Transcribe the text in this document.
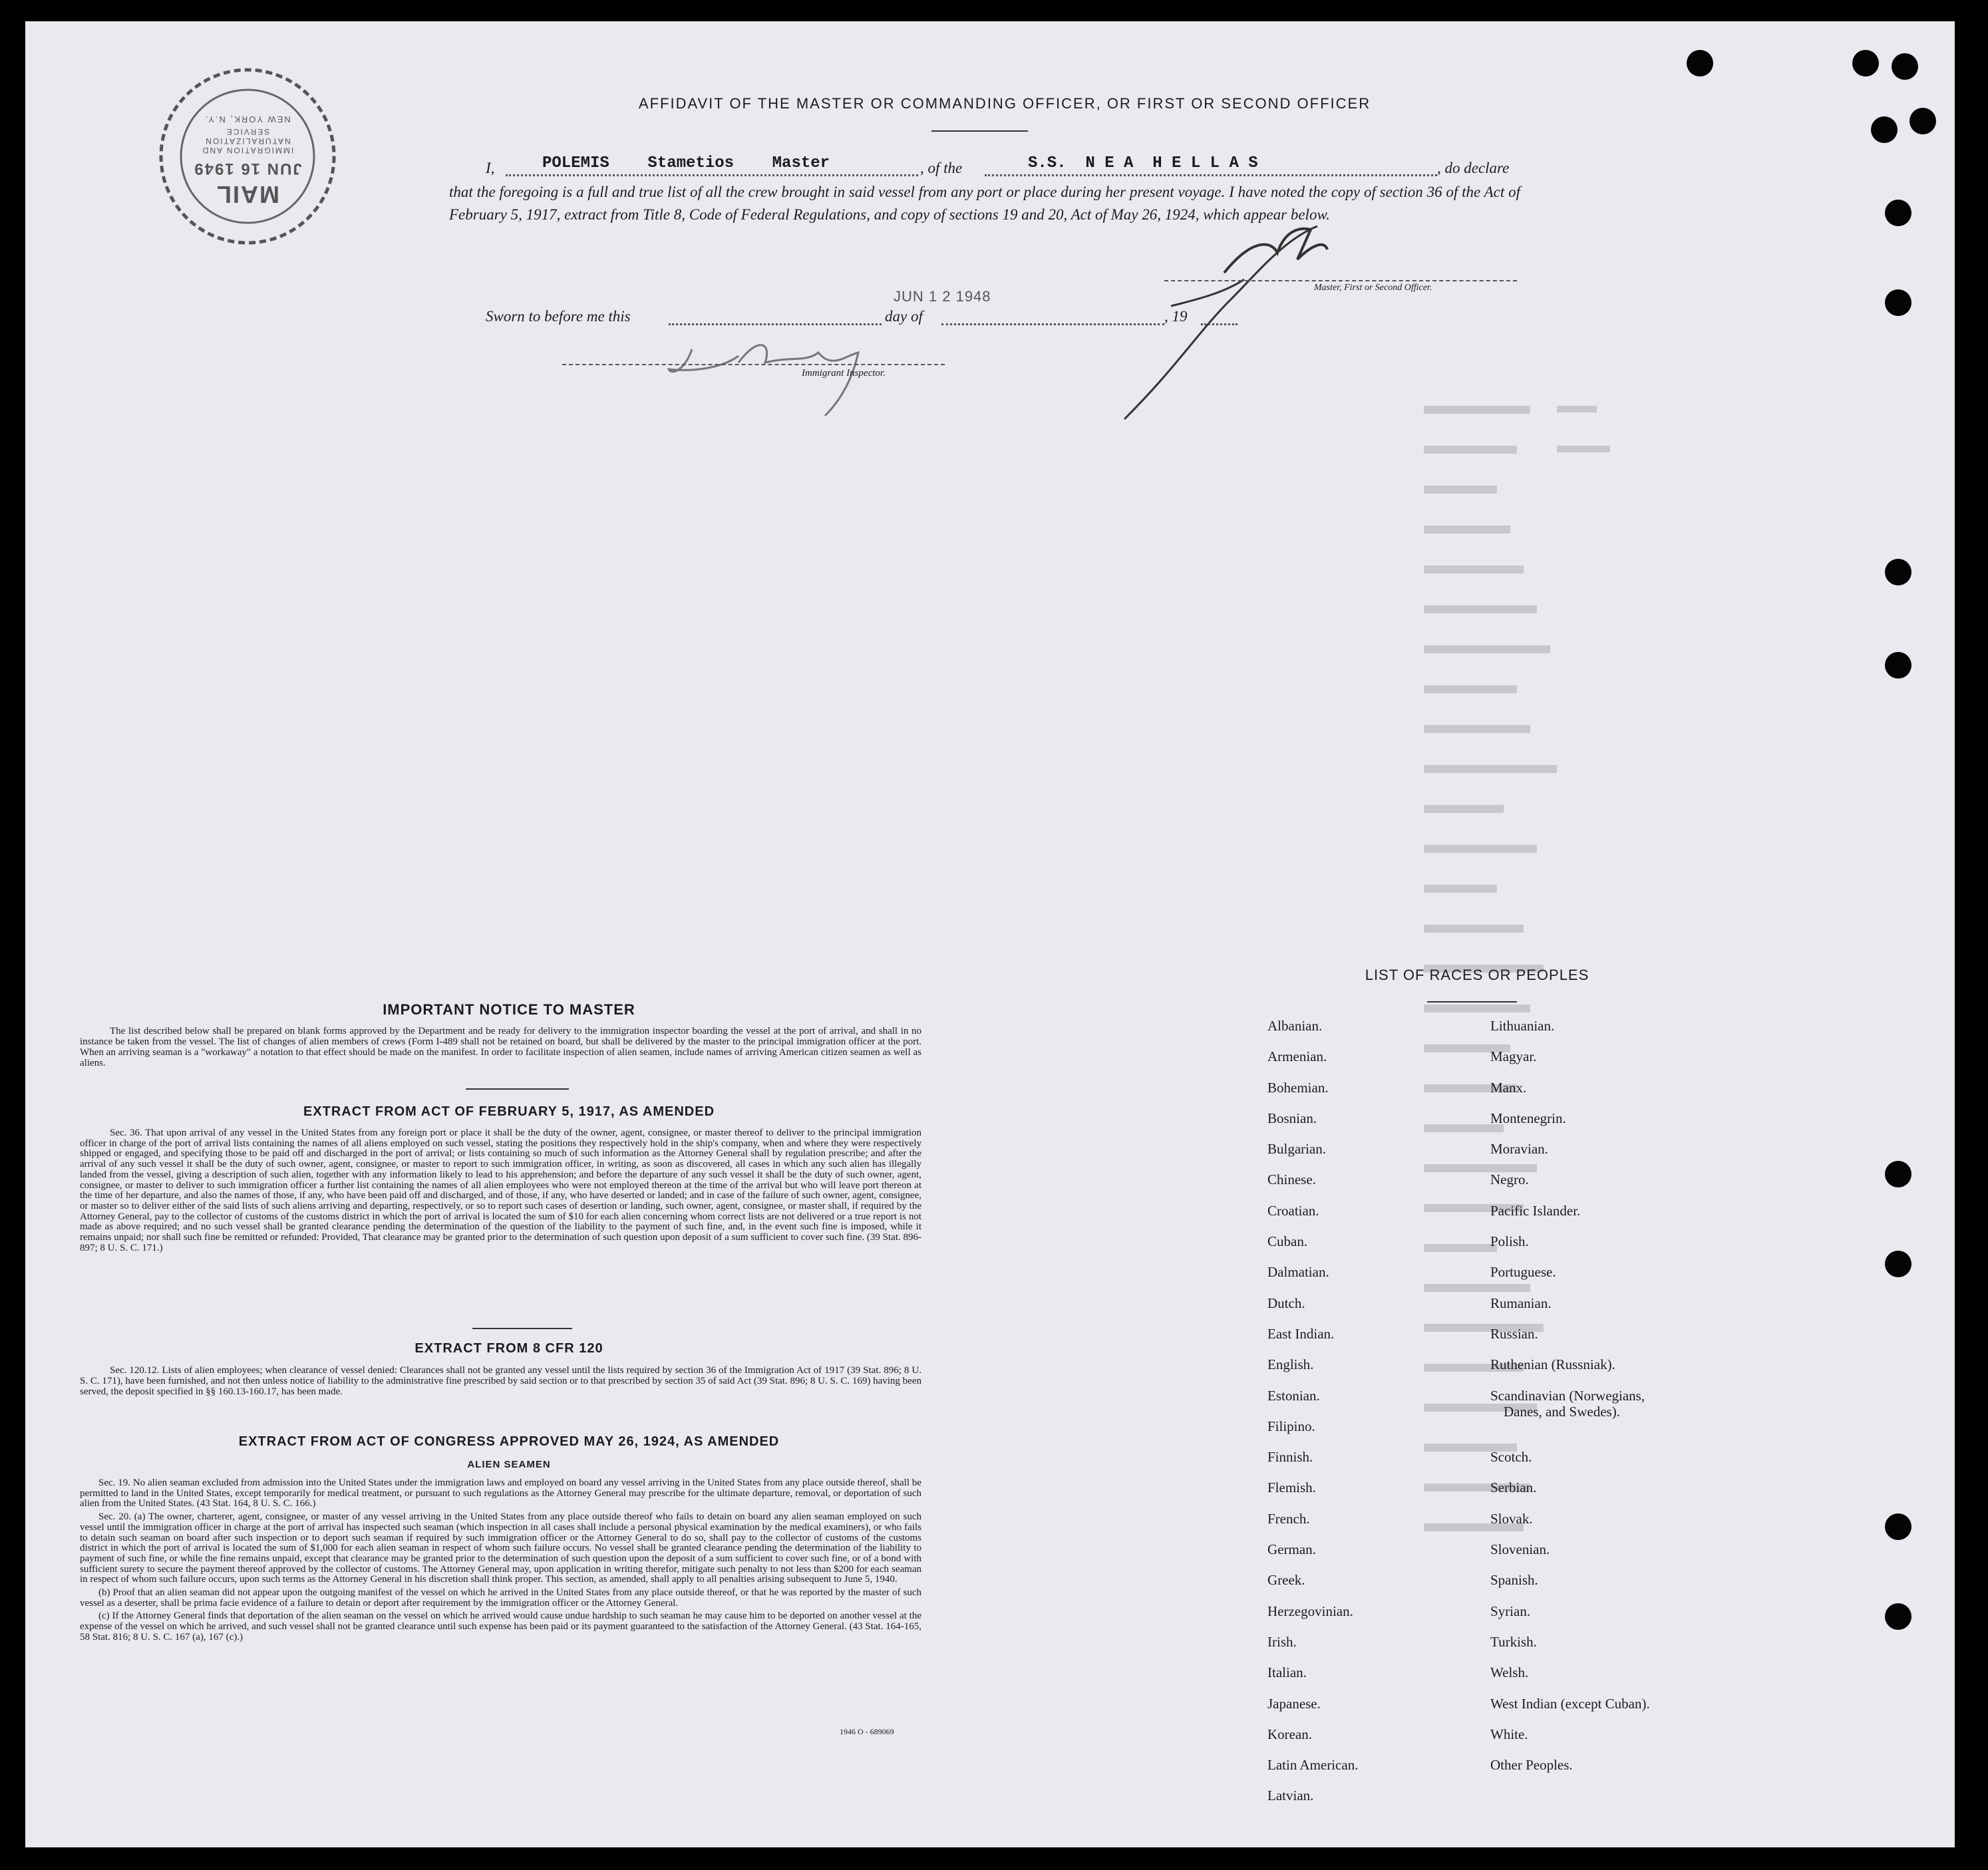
MAIL
JUN 16 1949
IMMIGRATION AND NATURALIZATION SERVICE
NEW YORK, N.Y.
AFFIDAVIT OF THE MASTER OR COMMANDING OFFICER, OR FIRST OR SECOND OFFICER
I,	POLEMIS    Stametios    Master	, of the	S.S.  N E A  H E L L A S	, do declare
that the foregoing is a full and true list of all the crew brought in said vessel from any port or place during her present voyage. I have noted the copy of section 36 of the Act of February 5, 1917, extract from Title 8, Code of Federal Regulations, and copy of sections 19 and 20, Act of May 26, 1924, which appear below.
Master, First or Second Officer.
Sworn to before me this
JUN 1 2 1948
day of	, 19
Immigrant Inspector.
IMPORTANT NOTICE TO MASTER
The list described below shall be prepared on blank forms approved by the Department and be ready for delivery to the immigration inspector boarding the vessel at the port of arrival, and shall in no instance be taken from the vessel. The list of changes of alien members of crews (Form I-489 shall not be retained on board, but shall be delivered by the master to the principal immigration officer at the port. When an arriving seaman is a "workaway" a notation to that effect should be made on the manifest. In order to facilitate inspection of alien seamen, include names of arriving American citizen seamen as well as aliens.
EXTRACT FROM ACT OF FEBRUARY 5, 1917, AS AMENDED
Sec. 36. That upon arrival of any vessel in the United States from any foreign port or place it shall be the duty of the owner, agent, consignee, or master thereof to deliver to the principal immigration officer in charge of the port of arrival lists containing the names of all aliens employed on such vessel, stating the positions they respectively hold in the ship's company, when and where they were respectively shipped or engaged, and specifying those to be paid off and discharged in the port of arrival; or lists containing so much of such information as the Attorney General shall by regulation prescribe; and after the arrival of any such vessel it shall be the duty of such owner, agent, consignee, or master to report to such immigration officer, in writing, as soon as discovered, all cases in which any such alien has illegally landed from the vessel, giving a description of such alien, together with any information likely to lead to his apprehension; and before the departure of any such vessel it shall be the duty of such owner, agent, consignee, or master to deliver to such immigration officer a further list containing the names of all alien employees who were not employed thereon at the time of the arrival but who will leave port thereon at the time of her departure, and also the names of those, if any, who have been paid off and discharged, and of those, if any, who have deserted or landed; and in case of the failure of such owner, agent, consignee, or master so to deliver either of the said lists of such aliens arriving and departing, respectively, or so to report such cases of desertion or landing, such owner, agent, consignee, or master shall, if required by the Attorney General, pay to the collector of customs of the customs district in which the port of arrival is located the sum of $10 for each alien concerning whom correct lists are not delivered or a true report is not made as above required; and no such vessel shall be granted clearance pending the determination of the question of the liability to the payment of such fine, and, in the event such fine is imposed, while it remains unpaid; nor shall such fine be remitted or refunded: Provided, That clearance may be granted prior to the determination of such question upon deposit of a sum sufficient to cover such fine. (39 Stat. 896-897; 8 U. S. C. 171.)
EXTRACT FROM 8 CFR 120
Sec. 120.12. Lists of alien employees; when clearance of vessel denied: Clearances shall not be granted any vessel until the lists required by section 36 of the Immigration Act of 1917 (39 Stat. 896; 8 U. S. C. 171), have been furnished, and not then unless notice of liability to the administrative fine prescribed by said section or to that prescribed by section 35 of said Act (39 Stat. 896; 8 U. S. C. 169) having been served, the deposit specified in §§ 160.13-160.17, has been made.
EXTRACT FROM ACT OF CONGRESS APPROVED MAY 26, 1924, AS AMENDED
ALIEN SEAMEN

Sec. 19. No alien seaman excluded from admission into the United States under the immigration laws and employed on board any vessel arriving in the United States from any place outside thereof, shall be permitted to land in the United States, except temporarily for medical treatment, or pursuant to such regulations as the Attorney General may prescribe for the ultimate departure, removal, or deportation of such alien from the United States. (43 Stat. 164, 8 U. S. C. 166.)

Sec. 20. (a) The owner, charterer, agent, consignee, or master of any vessel arriving in the United States from any place outside thereof who fails to detain on board any alien seaman employed on such vessel until the immigration officer in charge at the port of arrival has inspected such seaman (which inspection in all cases shall include a personal physical examination by the medical examiners), or who fails to detain such seaman on board after such inspection or to deport such seaman if required by such immigration officer or the Attorney General to do so, shall pay to the collector of customs of the customs district in which the port of arrival is located the sum of $1,000 for each alien seaman in respect of whom such failure occurs. No vessel shall be granted clearance pending the determination of the liability to payment of such fine, or while the fine remains unpaid, except that clearance may be granted prior to the determination of such question upon the deposit of a sum sufficient to cover such fine, or of a bond with sufficient surety to secure the payment thereof approved by the collector of customs. The Attorney General may, upon application in writing therefor, mitigate such penalty to not less than $200 for each seaman in respect of whom such failure occurs, upon such terms as the Attorney General in his discretion shall think proper. This section, as amended, shall apply to all penalties arising subsequent to June 5, 1940.

(b) Proof that an alien seaman did not appear upon the outgoing manifest of the vessel on which he arrived in the United States from any place outside thereof, or that he was reported by the master of such vessel as a deserter, shall be prima facie evidence of a failure to detain or deport after requirement by the immigration officer or the Attorney General.

(c) If the Attorney General finds that deportation of the alien seaman on the vessel on which he arrived would cause undue hardship to such seaman he may cause him to be deported on another vessel at the expense of the vessel on which he arrived, and such vessel shall not be granted clearance until such expense has been paid or its payment guaranteed to the satisfaction of the Attorney General. (43 Stat. 164-165, 58 Stat. 816; 8 U. S. C. 167 (a), 167 (c).)

1946 O - 689069
LIST OF RACES OR PEOPLES
Albanian.
Armenian.
Bohemian.
Bosnian.
Bulgarian.
Chinese.
Croatian.
Cuban.
Dalmatian.
Dutch.
East Indian.
English.
Estonian.
Filipino.
Finnish.
Flemish.
French.
German.
Greek.
Herzegovinian.
Irish.
Italian.
Japanese.
Korean.
Latin American.
Latvian.
Lithuanian.
Magyar.
Manx.
Montenegrin.
Moravian.
Negro.
Pacific Islander.
Polish.
Portuguese.
Rumanian.
Russian.
Ruthenian (Russniak).
Scandinavian (Norwegians,
Danes, and Swedes).
Scotch.
Serbian.
Slovak.
Slovenian.
Spanish.
Syrian.
Turkish.
Welsh.
West Indian (except Cuban).
White.
Other Peoples.
